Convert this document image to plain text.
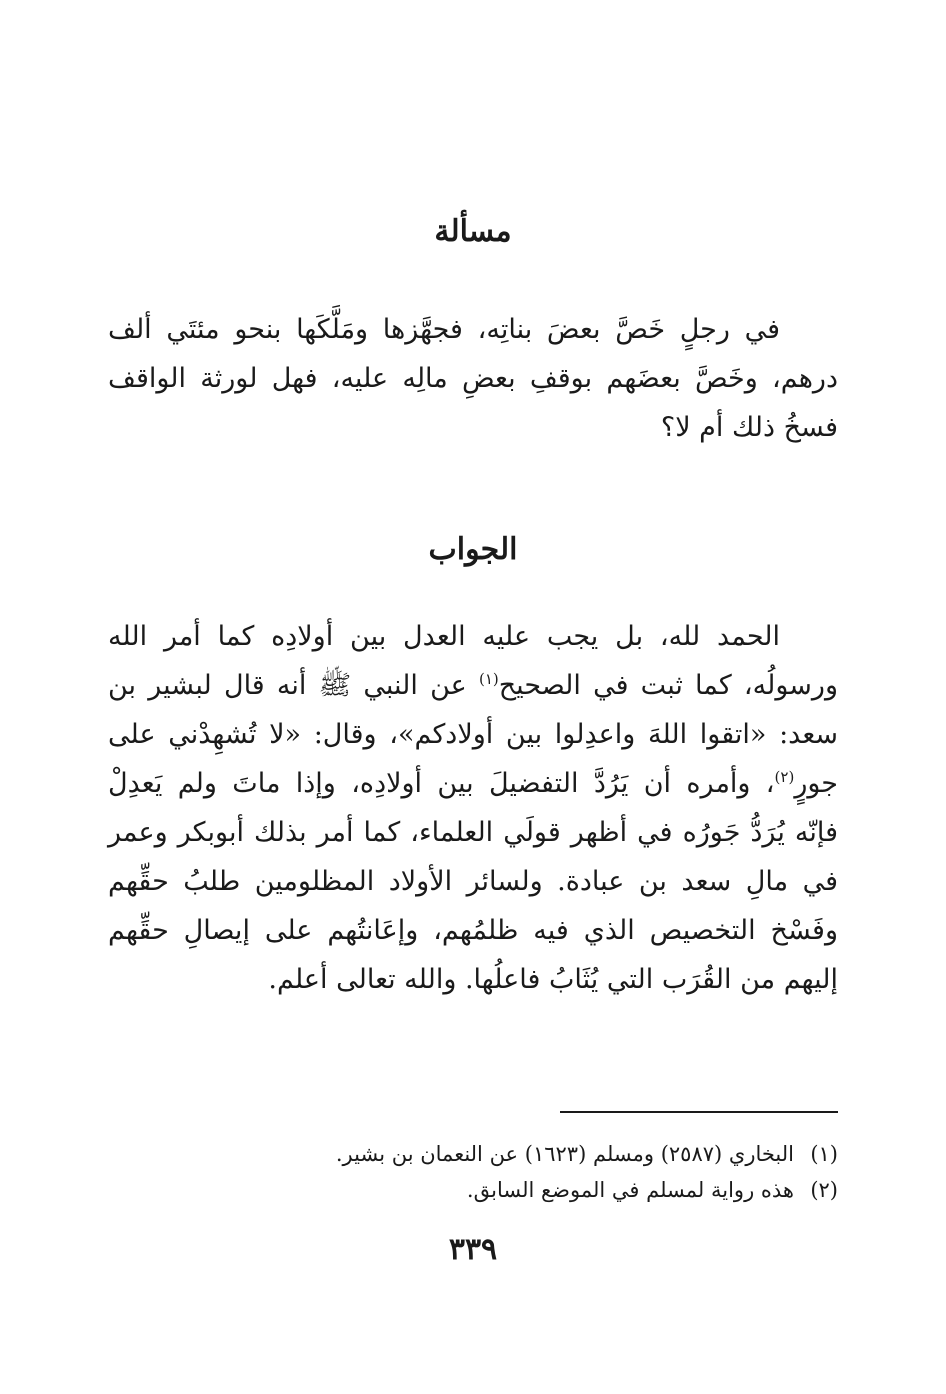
مسألة
في رجلٍ خَصَّ بعضَ بناتِه، فجهَّزها ومَلَّكَها بنحو مئتَي ألف
درهم، وخَصَّ بعضَهم بوقفِ بعضِ مالِه عليه، فهل لورثة الواقف
فسخُ ذلك أم لا؟
الجواب
الحمد لله، بل يجب عليه العدل بين أولادِه كما أمر الله
ورسولُه، كما ثبت في الصحيح$^{(١)}$ عن النبي ﷺ أنه قال لبشير بن
سعد: «اتقوا اللهَ واعدِلوا بين أولادكم»، وقال: «لا تُشهِدْني على
جورٍ$^{(٢)}$، وأمره أن يَرُدَّ التفضيلَ بين أولادِه، وإذا ماتَ ولم يَعدِلْ
فإنّه يُرَدُّ جَورُه في أظهر قولَي العلماء، كما أمر بذلك أبوبكر وعمر
في مالِ سعد بن عبادة. ولسائر الأولاد المظلومين طلبُ حقِّهم
وفَسْخ التخصيص الذي فيه ظلمُهم، وإعَانتُهم على إيصالِ حقِّهم
إليهم من القُرَب التي يُثَابُ فاعلُها. والله تعالى أعلم.
(١)البخاري (٢٥٨٧) ومسلم (١٦٢٣) عن النعمان بن بشير.
(٢)هذه رواية لمسلم في الموضع السابق.
٣٣٩
